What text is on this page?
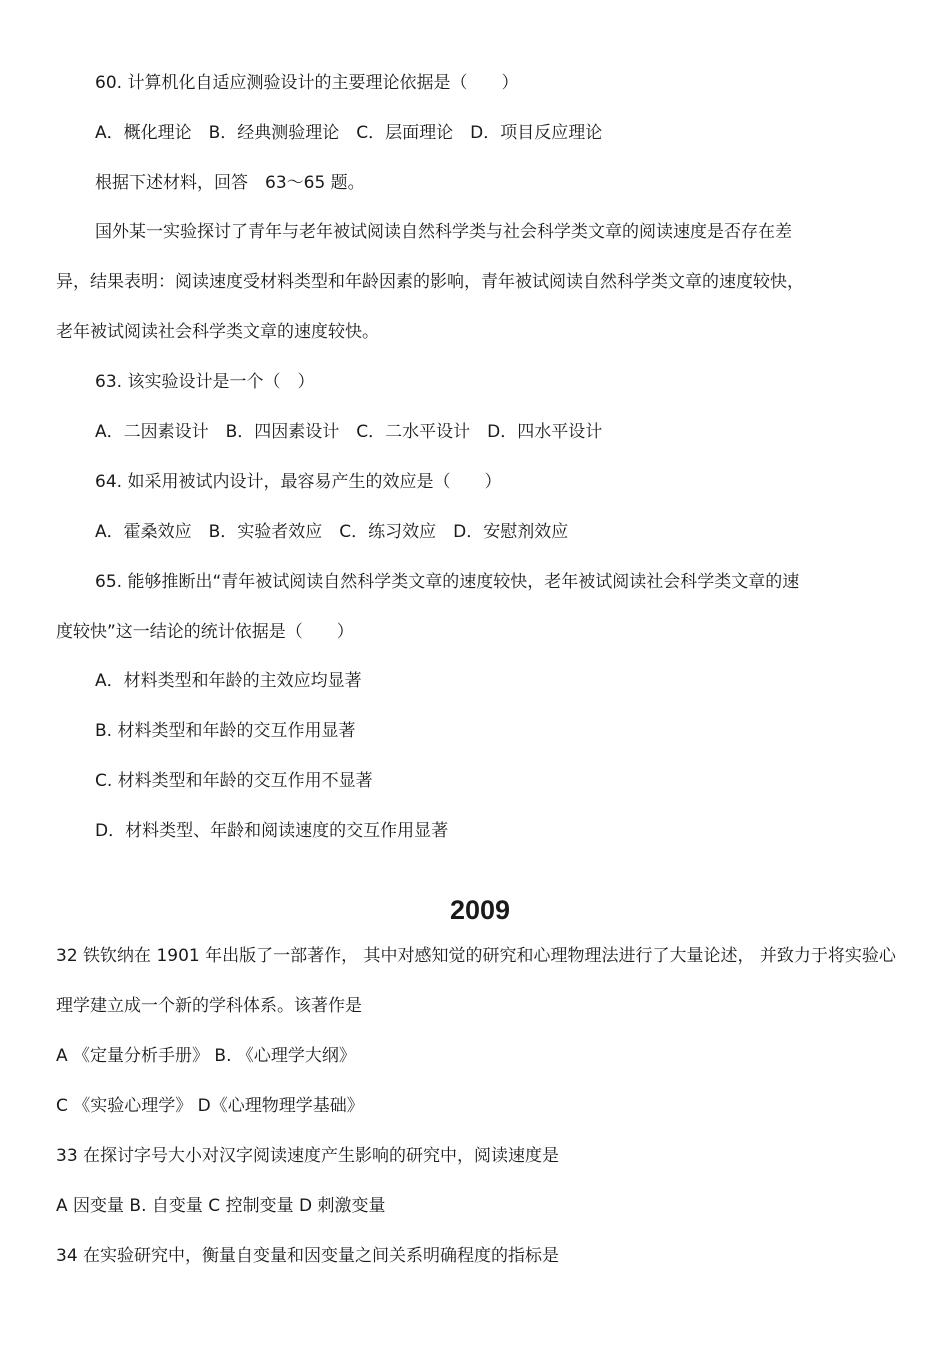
60. 计算机化自适应测验设计的主要理论依据是（　　）

A．概化理论　B．经典测验理论　C．层面理论　D．项目反应理论

根据下述材料，回答　63～65 题。

国外某一实验探讨了青年与老年被试阅读自然科学类与社会科学类文章的阅读速度是否存在差

异，结果表明：阅读速度受材料类型和年龄因素的影响，青年被试阅读自然科学类文章的速度较快，

老年被试阅读社会科学类文章的速度较快。

63. 该实验设计是一个（　）

A．二因素设计　B．四因素设计　C．二水平设计　D．四水平设计

64. 如采用被试内设计，最容易产生的效应是（　　）

A．霍桑效应　B．实验者效应　C．练习效应　D．安慰剂效应

65. 能够推断出“青年被试阅读自然科学类文章的速度较快，老年被试阅读社会科学类文章的速

度较快”这一结论的统计依据是（　　）

A．材料类型和年龄的主效应均显著

B. 材料类型和年龄的交互作用显著

C. 材料类型和年龄的交互作用不显著

D．材料类型、年龄和阅读速度的交互作用显著

2009

32 铁钦纳在 1901 年出版了一部著作， 其中对感知觉的研究和心理物理法进行了大量论述， 并致力于将实验心

理学建立成一个新的学科体系。该著作是

A 《定量分析手册》 B. 《心理学大纲》

C 《实验心理学》 D《心理物理学基础》

33 在探讨字号大小对汉字阅读速度产生影响的研究中，阅读速度是

A 因变量 B. 自变量 C 控制变量 D 刺激变量

34 在实验研究中，衡量自变量和因变量之间关系明确程度的指标是
